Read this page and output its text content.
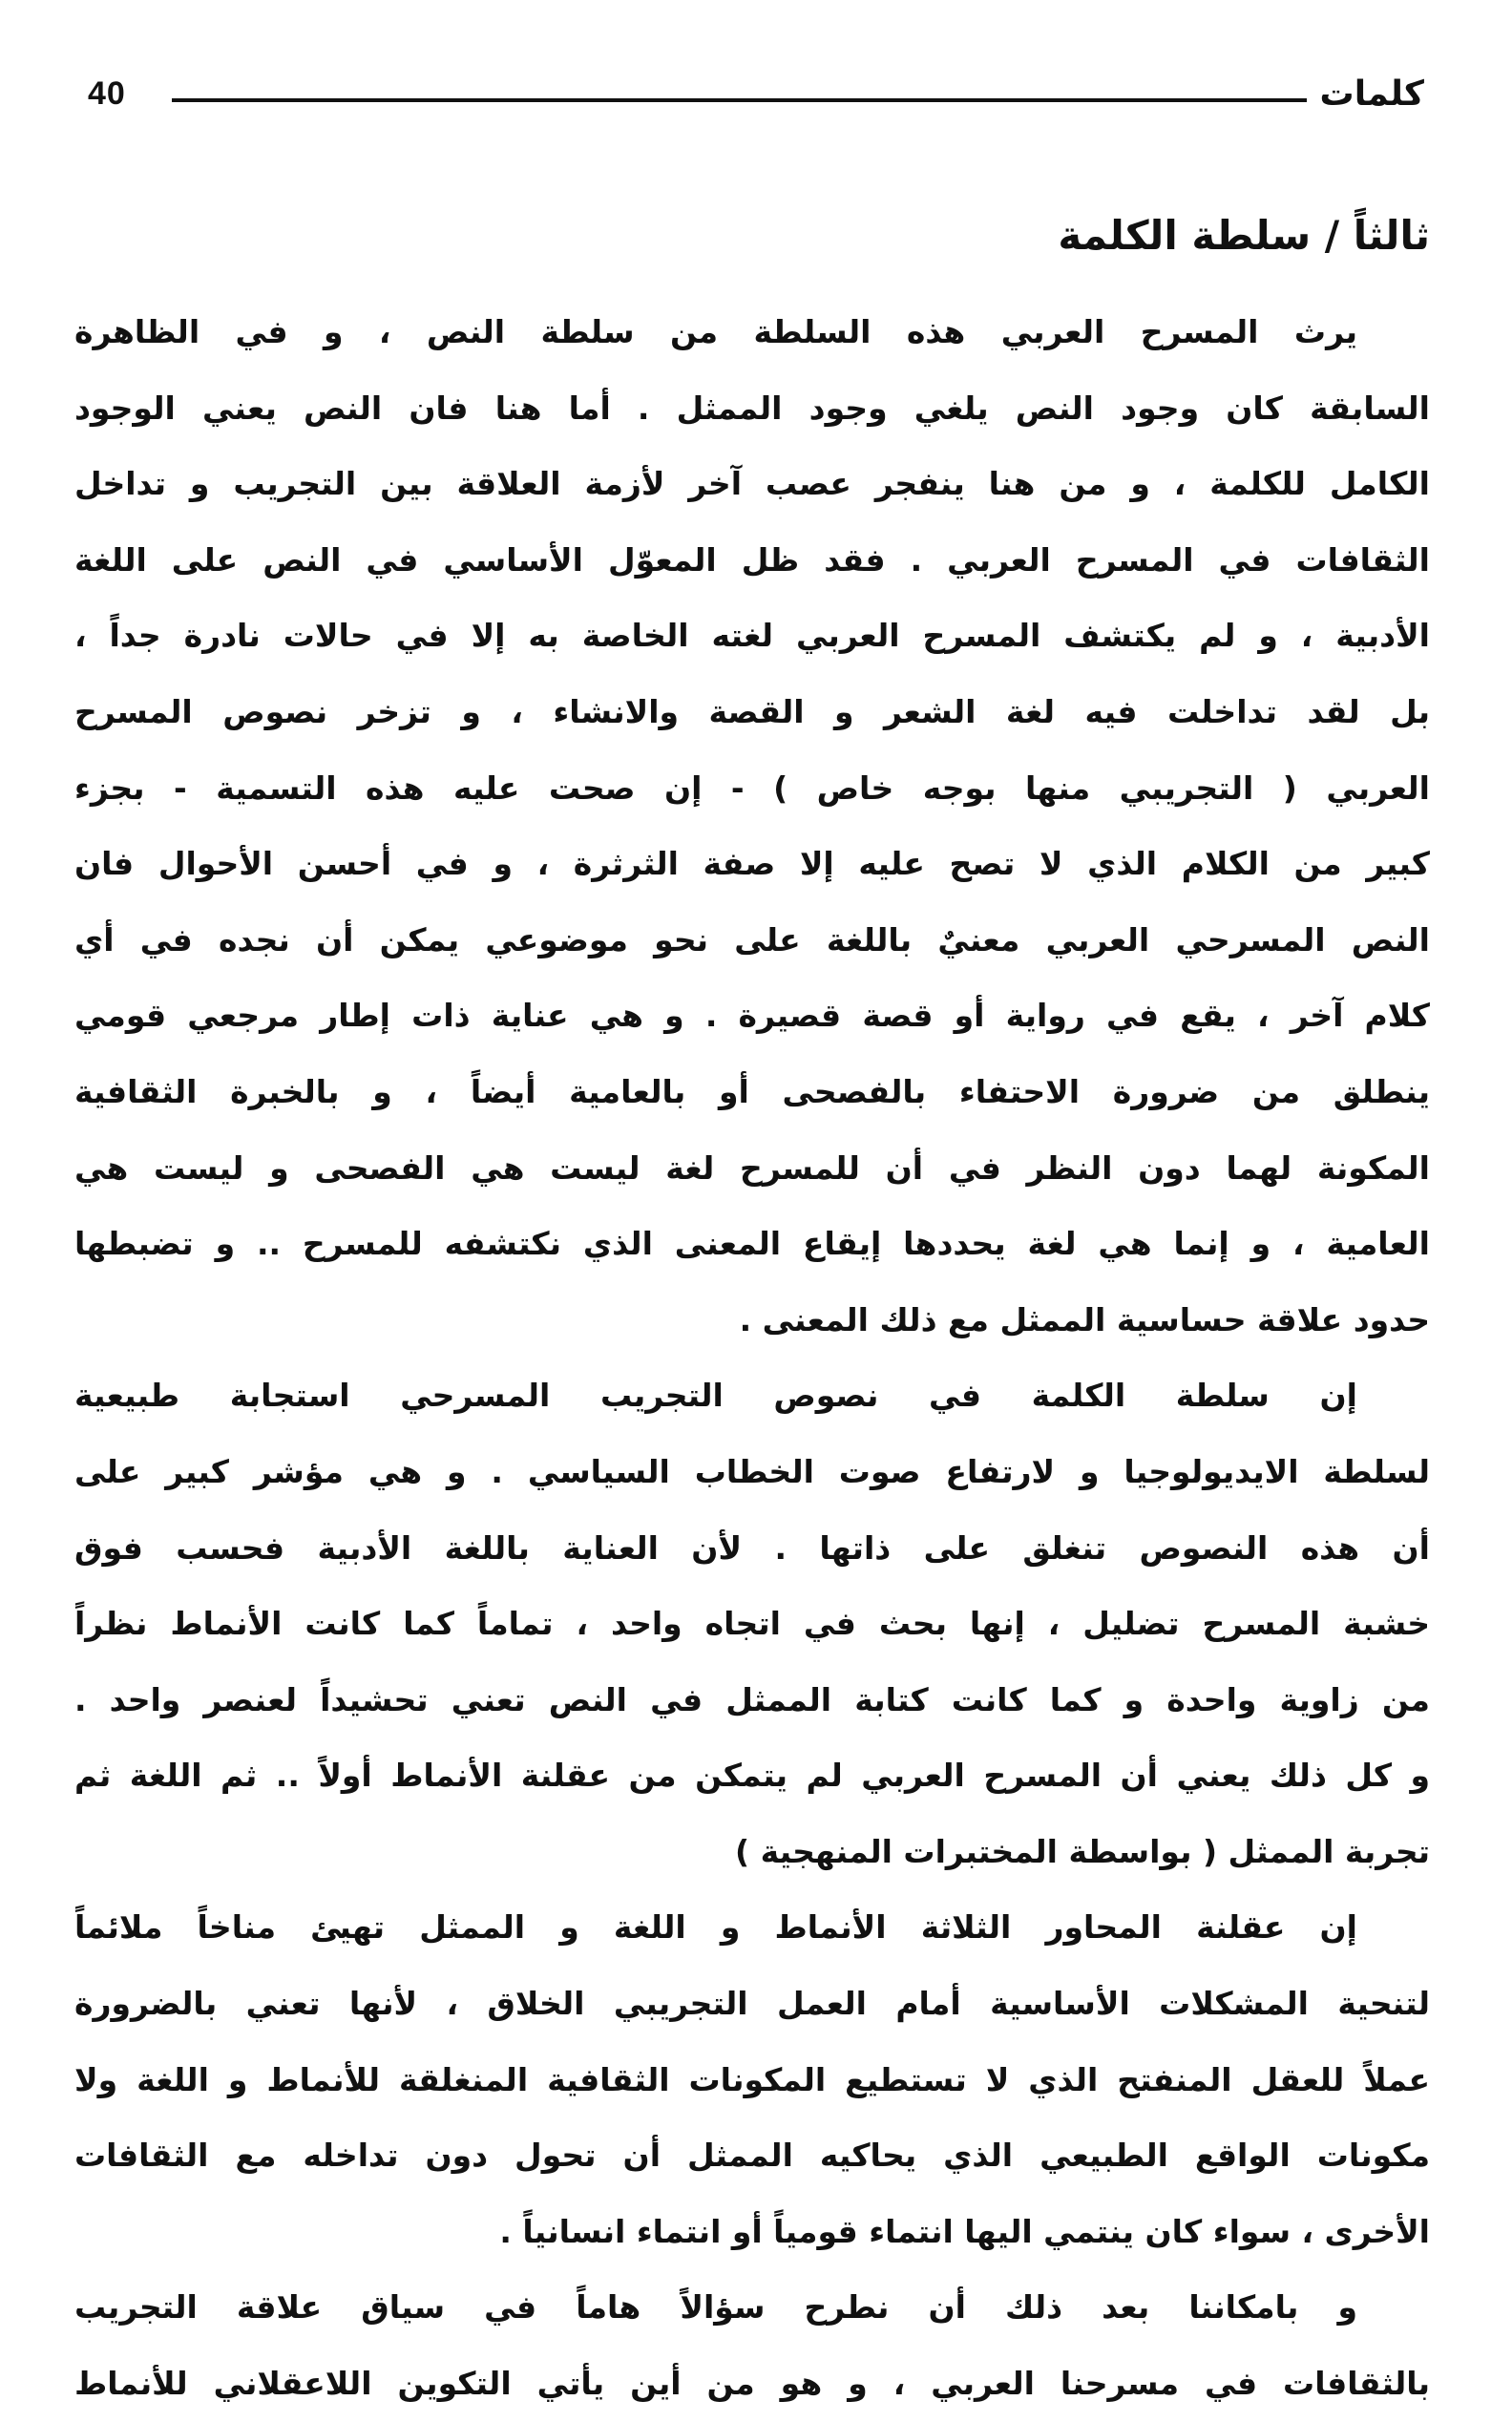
40	كلمات
ثالثاً / سلطة الكلمة

يرث المسرح العربي هذه السلطة من سلطة النص ، و في الظاهرة
السابقة كان وجود النص يلغي وجود الممثل . أما هنا فان النص يعني الوجود
الكامل للكلمة ، و من هنا ينفجر عصب آخر لأزمة العلاقة بين التجريب و تداخل
الثقافات في المسرح العربي . فقد ظل المعوّل الأساسي في النص على اللغة
الأدبية ، و لم يكتشف المسرح العربي لغته الخاصة به إلا في حالات نادرة جداً ،
بل لقد تداخلت فيه لغة الشعر و القصة والانشاء ، و تزخر نصوص المسرح
العربي ( التجريبي منها بوجه خاص ) - إن صحت عليه هذه التسمية - بجزء
كبير من الكلام الذي لا تصح عليه إلا صفة الثرثرة ، و في أحسن الأحوال فان
النص المسرحي العربي معنيٌ باللغة على نحو موضوعي يمكن أن نجده في أي
كلام آخر ، يقع في رواية أو قصة قصيرة . و هي عناية ذات إطار مرجعي قومي
ينطلق من ضرورة الاحتفاء بالفصحى أو بالعامية أيضاً ، و بالخبرة الثقافية
المكونة لهما دون النظر في أن للمسرح لغة ليست هي الفصحى و ليست هي
العامية ، و إنما هي لغة يحددها إيقاع المعنى الذي نكتشفه للمسرح .. و تضبطها
حدود علاقة حساسية الممثل مع ذلك المعنى .

إن سلطة الكلمة في نصوص التجريب المسرحي استجابة طبيعية
لسلطة الايديولوجيا و لارتفاع صوت الخطاب السياسي . و هي مؤشر كبير على
أن هذه النصوص تنغلق على ذاتها . لأن العناية باللغة الأدبية فحسب فوق
خشبة المسرح تضليل ، إنها بحث في اتجاه واحد ، تماماً كما كانت الأنماط نظراً
من زاوية واحدة و كما كانت كتابة الممثل في النص تعني تحشيداً لعنصر واحد .
و كل ذلك يعني أن المسرح العربي لم يتمكن من عقلنة الأنماط أولاً .. ثم اللغة ثم
تجربة الممثل ( بواسطة المختبرات المنهجية )

إن عقلنة المحاور الثلاثة الأنماط و اللغة و الممثل تهيئ مناخاً ملائماً
لتنحية المشكلات الأساسية أمام العمل التجريبي الخلاق ، لأنها تعني بالضرورة
عملاً للعقل المنفتح الذي لا تستطيع المكونات الثقافية المنغلقة للأنماط و اللغة ولا
مكونات الواقع الطبيعي الذي يحاكيه الممثل أن تحول دون تداخله مع الثقافات
الأخرى ، سواء كان ينتمي اليها انتماء قومياً أو انتماء انسانياً .

و بامكاننا بعد ذلك أن نطرح سؤالاً هاماً في سياق علاقة التجريب
بالثقافات في مسرحنا العربي ، و هو من أين يأتي التكوين اللاعقلاني للأنماط
